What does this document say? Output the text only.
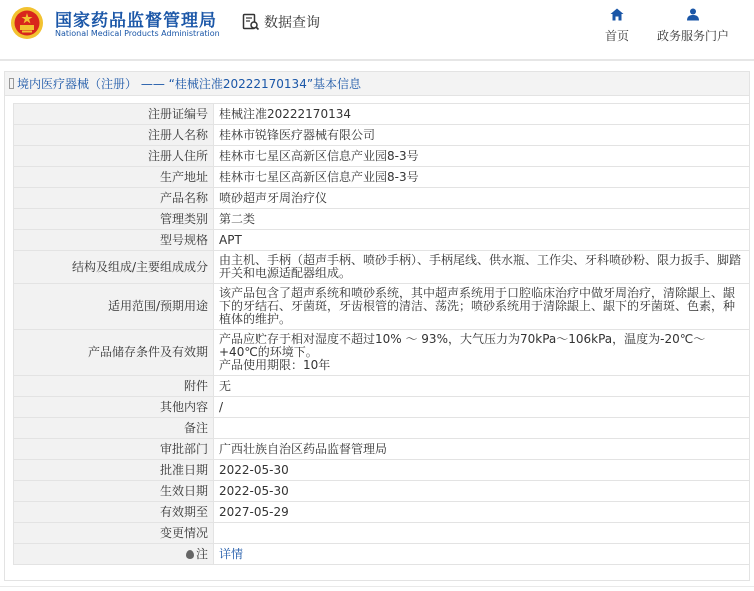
国家药品监督管理局
National Medical Products Administration
数据查询
首页 政务服务门户
境内医疗器械（注册） —— “桂械注准20222170134”基本信息
注册证编号	桂械注准20222170134
注册人名称	桂林市锐锋医疗器械有限公司
注册人住所	桂林市七星区高新区信息产业园8-3号
生产地址	桂林市七星区高新区信息产业园8-3号
产品名称	喷砂超声牙周治疗仪
管理类别	第二类
型号规格	APT
结构及组成/主要组成成分	由主机、手柄（超声手柄、喷砂手柄）、手柄尾线、供水瓶、工作尖、牙科喷砂粉、限力扳手、脚踏开关和电源适配器组成。
适用范围/预期用途	该产品包含了超声系统和喷砂系统，其中超声系统用于口腔临床治疗中做牙周治疗，清除龈上、龈下的牙结石、牙菌斑，牙齿根管的清洁、荡洗；喷砂系统用于清除龈上、龈下的牙菌斑、色素，种植体的维护。
产品储存条件及有效期	产品应贮存于相对湿度不超过10% ～ 93%，大气压力为70kPa～106kPa，温度为-20℃～+40℃的环境下。
产品使用期限：10年
附件	无
其他内容	/
备注	
审批部门	广西壮族自治区药品监督管理局
批准日期	2022-05-30
生效日期	2022-05-30
有效期至	2027-05-29
变更情况	
注	详情
